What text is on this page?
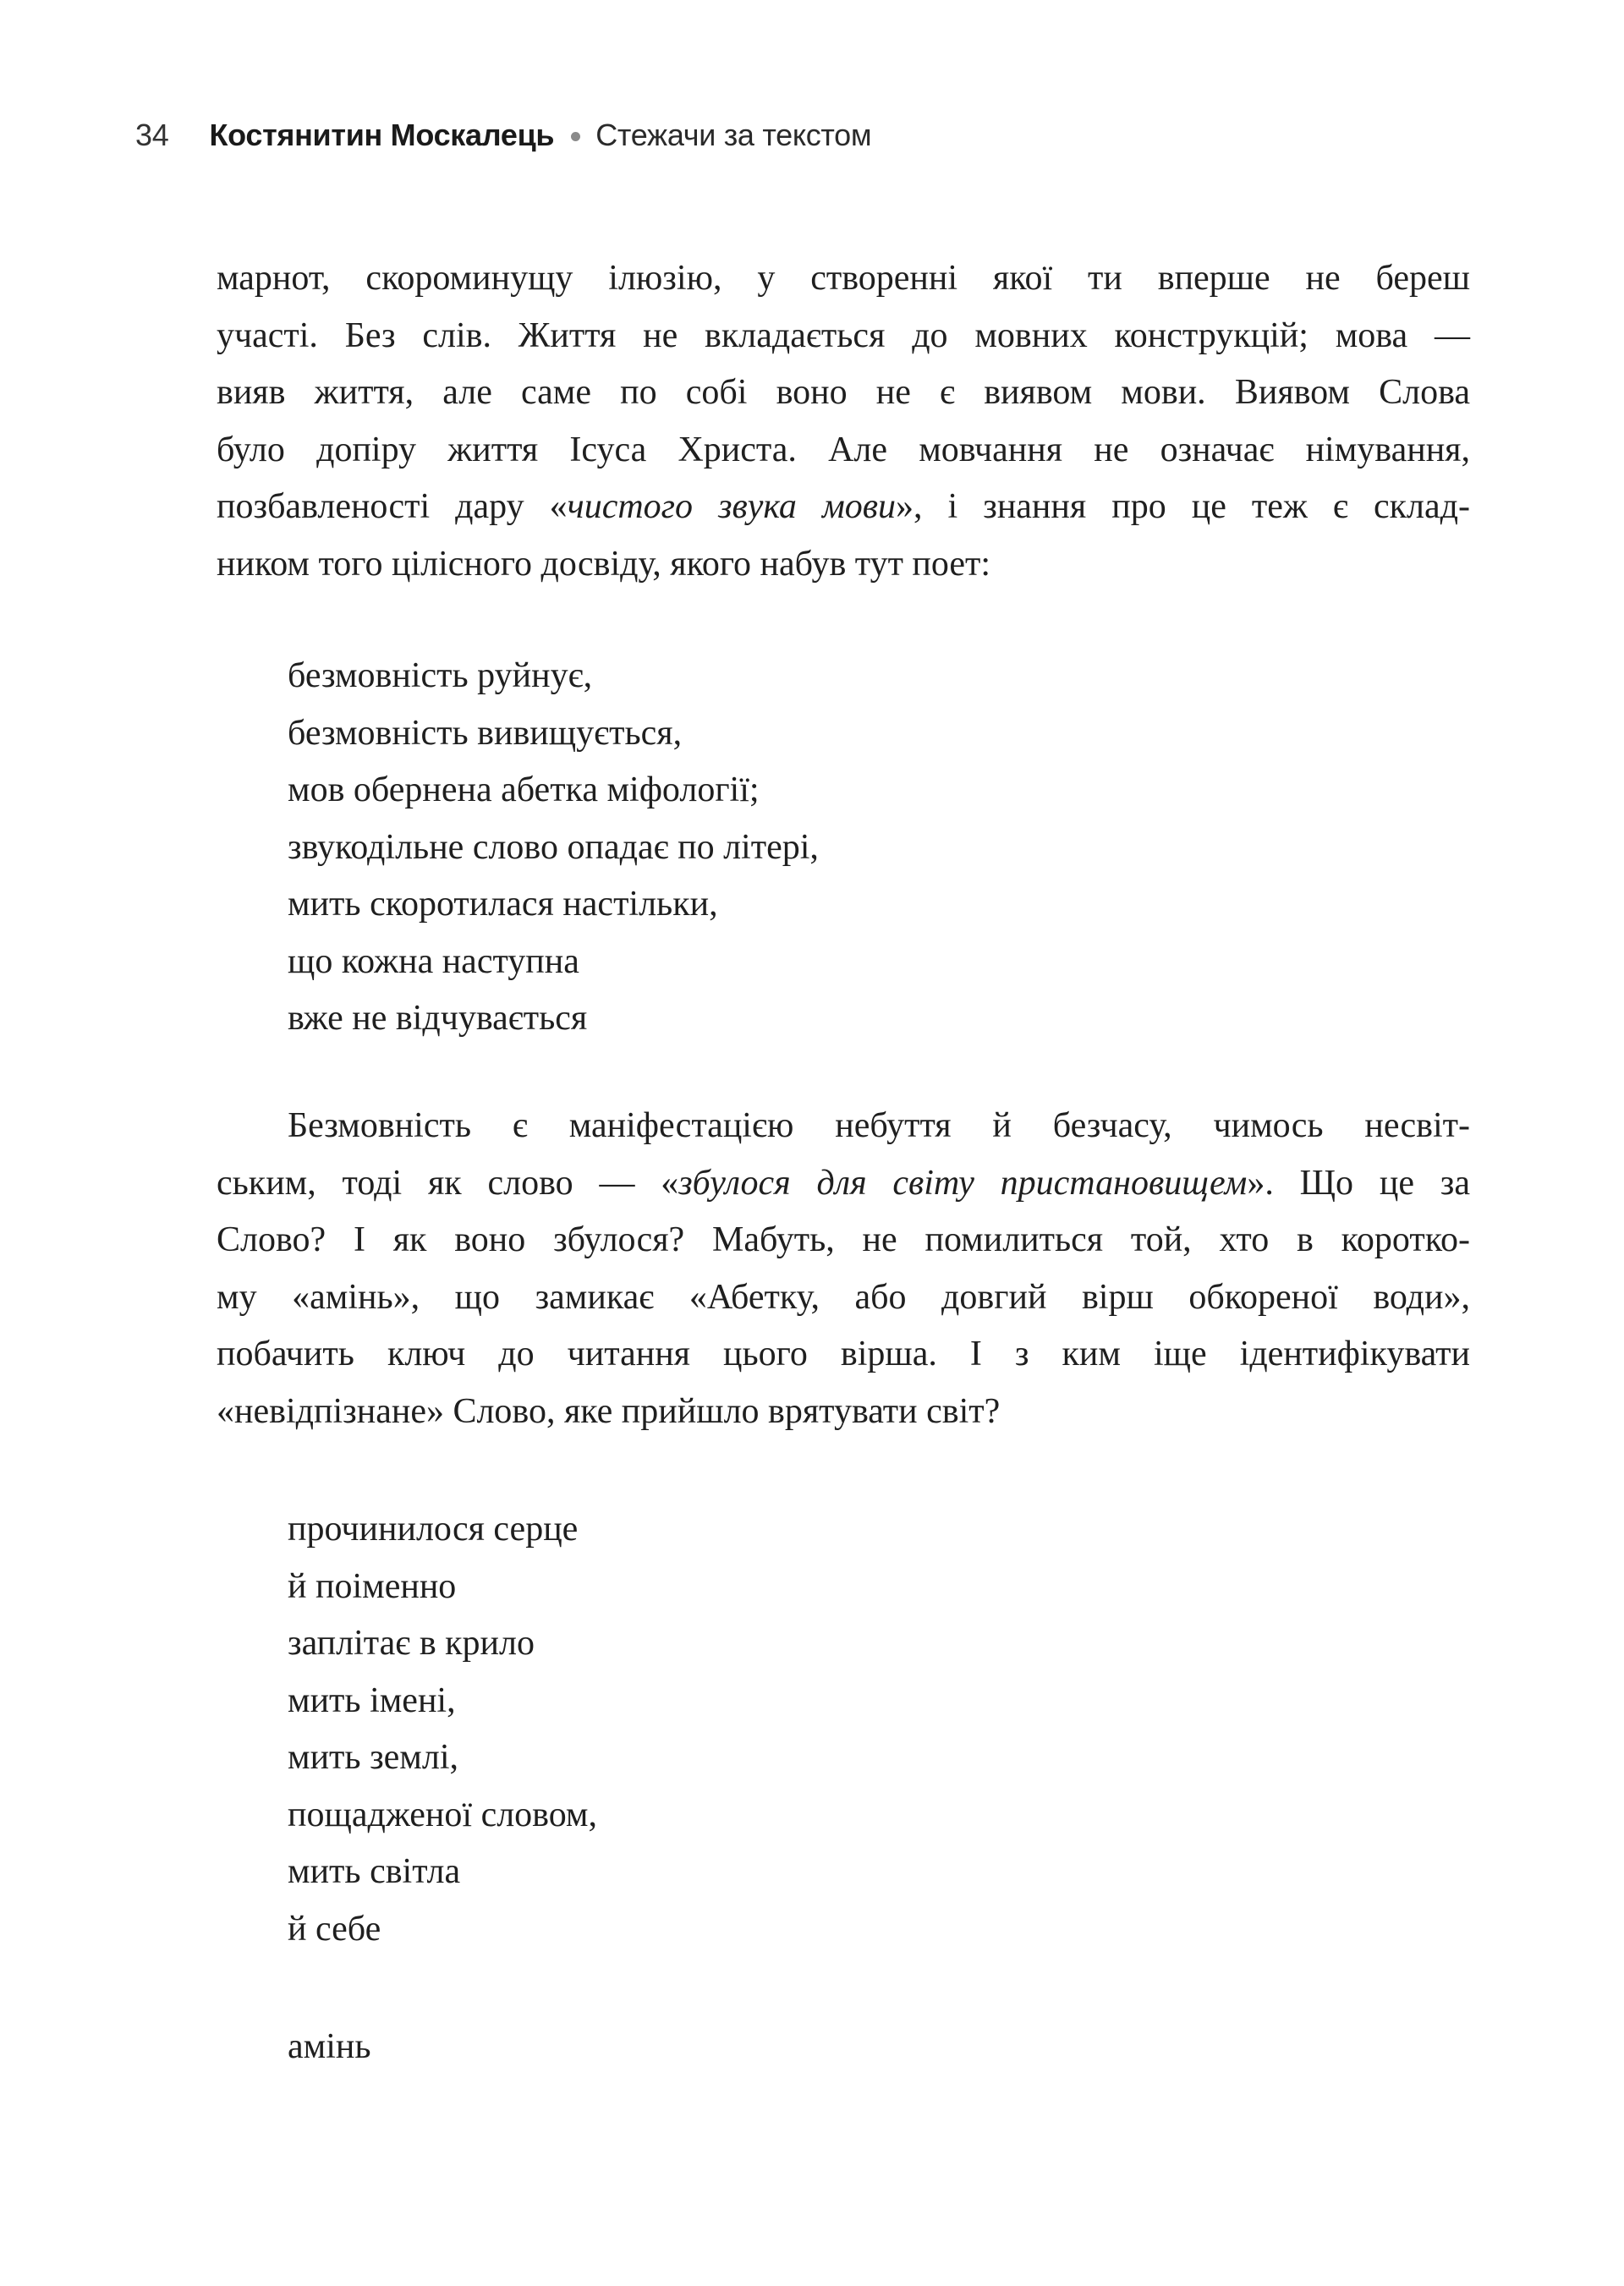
34 Костянитин Москалець Стежачи за текстом

марнот, скороминущу ілюзію, у створенні якої ти вперше не береш
участі. Без слів. Життя не вкладається до мовних конструкцій; мова —
вияв життя, але саме по собі воно не є виявом мови. Виявом Слова
було допіру життя Ісуса Христа. Але мовчання не означає німування,
позбавленості дару «чистого звука мови», і знання про це теж є склад-
ником того цілісного досвіду, якого набув тут поет:

безмовність руйнує,
безмовність вивищується,
мов обернена абетка міфології;
звукодільне слово опадає по літері,
мить скоротилася настільки,
що кожна наступна
вже не відчувається

Безмовність є маніфестацією небуття й безчасу, чимось несвіт-
ським, тоді як слово — «збулося для світу пристановищем». Що це за
Слово? І як воно збулося? Мабуть, не помилиться той, хто в коротко-
му «амінь», що замикає «Абетку, або довгий вірш обкореної води»,
побачить ключ до читання цього вірша. І з ким іще ідентифікувати
«невідпізнане» Слово, яке прийшло врятувати світ?

прочинилося серце
й поіменно
заплітає в крило
мить імені,
мить землі,
пощадженої словом,
мить світла
й себе
амінь
